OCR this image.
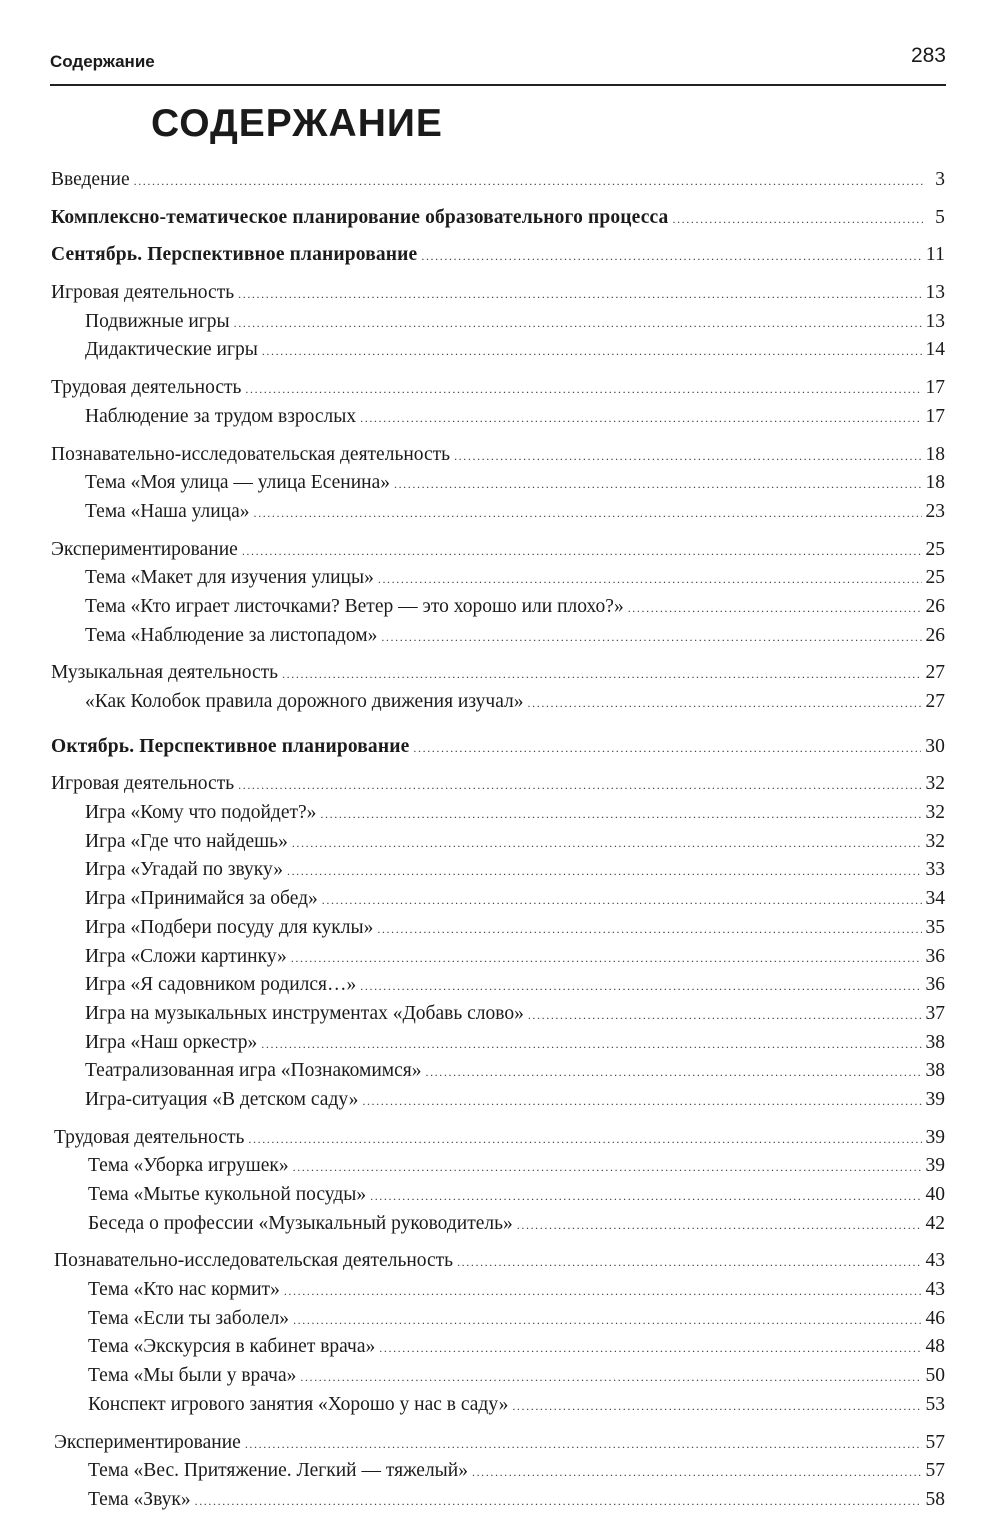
Содержание	283
СОДЕРЖАНИЕ
Введение .....	3
Комплексно-тематическое планирование образовательного процесса .....	5
Сентябрь. Перспективное планирование .....	11
Игровая деятельность .....	13
Подвижные игры .....	13
Дидактические игры .....	14
Трудовая деятельность .....	17
Наблюдение за трудом взрослых .....	17
Познавательно-исследовательская деятельность .....	18
Тема «Моя улица — улица Есенина» .....	18
Тема «Наша улица» .....	23
Экспериментирование .....	25
Тема «Макет для изучения улицы» .....	25
Тема «Кто играет листочками? Ветер — это хорошо или плохо?» .....	26
Тема «Наблюдение за листопадом» .....	26
Музыкальная деятельность .....	27
«Как Колобок правила дорожного движения изучал» .....	27
Октябрь. Перспективное планирование .....	30
Игровая деятельность .....	32
Игра «Кому что подойдет?» .....	32
Игра «Где что найдешь» .....	32
Игра «Угадай по звуку» .....	33
Игра «Принимайся за обед» .....	34
Игра «Подбери посуду для куклы» .....	35
Игра «Сложи картинку» .....	36
Игра «Я садовником родился…» .....	36
Игра на музыкальных инструментах «Добавь слово» .....	37
Игра «Наш оркестр» .....	38
Театрализованная игра «Познакомимся» .....	38
Игра-ситуация «В детском саду» .....	39
Трудовая деятельность .....	39
Тема «Уборка игрушек» .....	39
Тема «Мытье кукольной посуды» .....	40
Беседа о профессии «Музыкальный руководитель» .....	42
Познавательно-исследовательская деятельность .....	43
Тема «Кто нас кормит» .....	43
Тема «Если ты заболел» .....	46
Тема «Экскурсия в кабинет врача» .....	48
Тема «Мы были у врача» .....	50
Конспект игрового занятия «Хорошо у нас в саду» .....	53
Экспериментирование .....	57
Тема «Вес. Притяжение. Легкий — тяжелый» .....	57
Тема «Звук» .....	58
